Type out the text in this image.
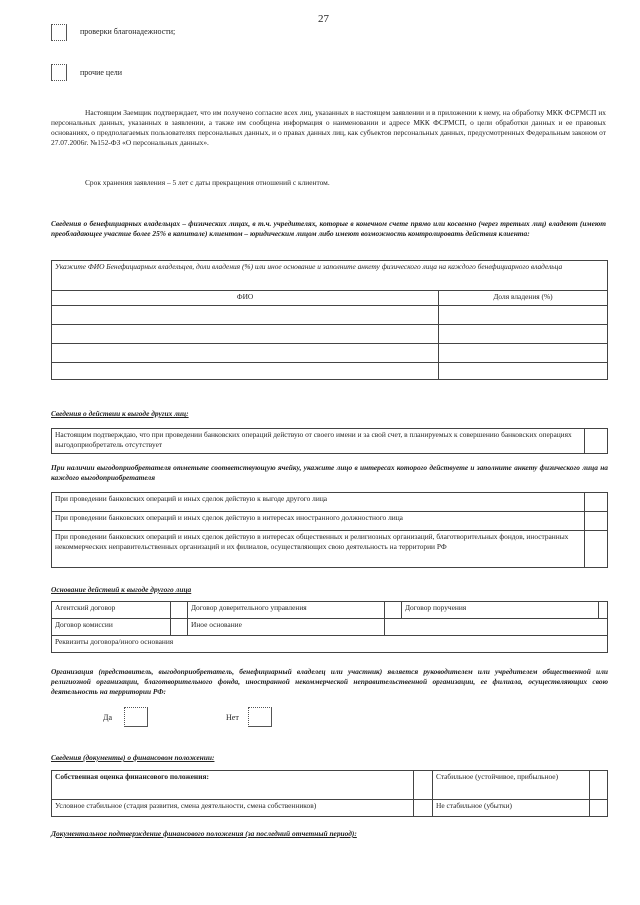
27
проверки благонадежности;
прочие цели
Настоящим Заемщик подтверждает, что им получено согласие всех лиц, указанных в настоящем заявлении и в приложении к нему, на обработку МКК ФСРМСП их персональных данных, указанных в заявлении, а также им сообщена информация о наименовании и адресе МКК ФСРМСП, о цели обработки данных и ее правовых основаниях, о предполагаемых пользователях персональных данных, и о правах данных лиц, как субъектов персональных данных, предусмотренных Федеральным законом от 27.07.2006г. №152-ФЗ «О персональных данных».
Срок хранения заявления – 5 лет с даты прекращения отношений с клиентом.
Сведения о бенефициарных владельцах – физических лицах, в т.ч. учредителях, которые в конечном счете прямо или косвенно (через третьих лиц) владеют (имеют преобладающее участие более 25% в капитале) клиентом – юридическим лицом либо имеют возможность контролировать действия клиента:
Укажите ФИО Бенефициарных владельцев, доли владения (%) или иное основание и заполните анкету физического лица на каждого бенефициарного владельца	
ФИО	Доля владения (%)

Сведения о действии к выгоде других лиц:
Настоящим подтверждаю, что при проведении банковских операций действую от своего имени и за свой счет, в планируемых к совершению банковских операциях выгодоприобретатель отсутствует	
При наличии выгодоприобретателя отметьте соответствующую ячейку, укажите лицо в интересах которого действуете и заполните анкету физического лица на каждого выгодоприобретателя
При проведении банковских операций и иных сделок действую к выгоде другого лица	
При проведении банковских операций и иных сделок действую в интересах иностранного должностного лица	
При проведении банковских операций и иных сделок действую в интересах общественных и религиозных организаций, благотворительных фондов, иностранных некоммерческих неправительственных организаций и их филиалов, осуществляющих свою деятельность на территории РФ	
Основание действий к выгоде другого лица
Агентский договор		Договор доверительного управления		Договор поручения	
Договор комиссии		Иное основание			
Реквизиты договора/иного основания					
Организация (представитель, выгодоприобретатель, бенефициарный владелец или участник) является руководителем или учредителем общественной или религиозной организации, благотворительного фонда, иностранной некоммерческой неправительственной организации, ее филиала, осуществляющих свою деятельность на территории РФ:
Да	Нет
Сведения (документы) о финансовом положении:
Собственная оценка финансового положения:		Стабильное (устойчивое, прибыльное)	
Условное стабильное (стадия развития, смена деятельности, смена собственников)		Не стабильное (убытки)	
Документальное подтверждение финансового положения (за последний отчетный период):
